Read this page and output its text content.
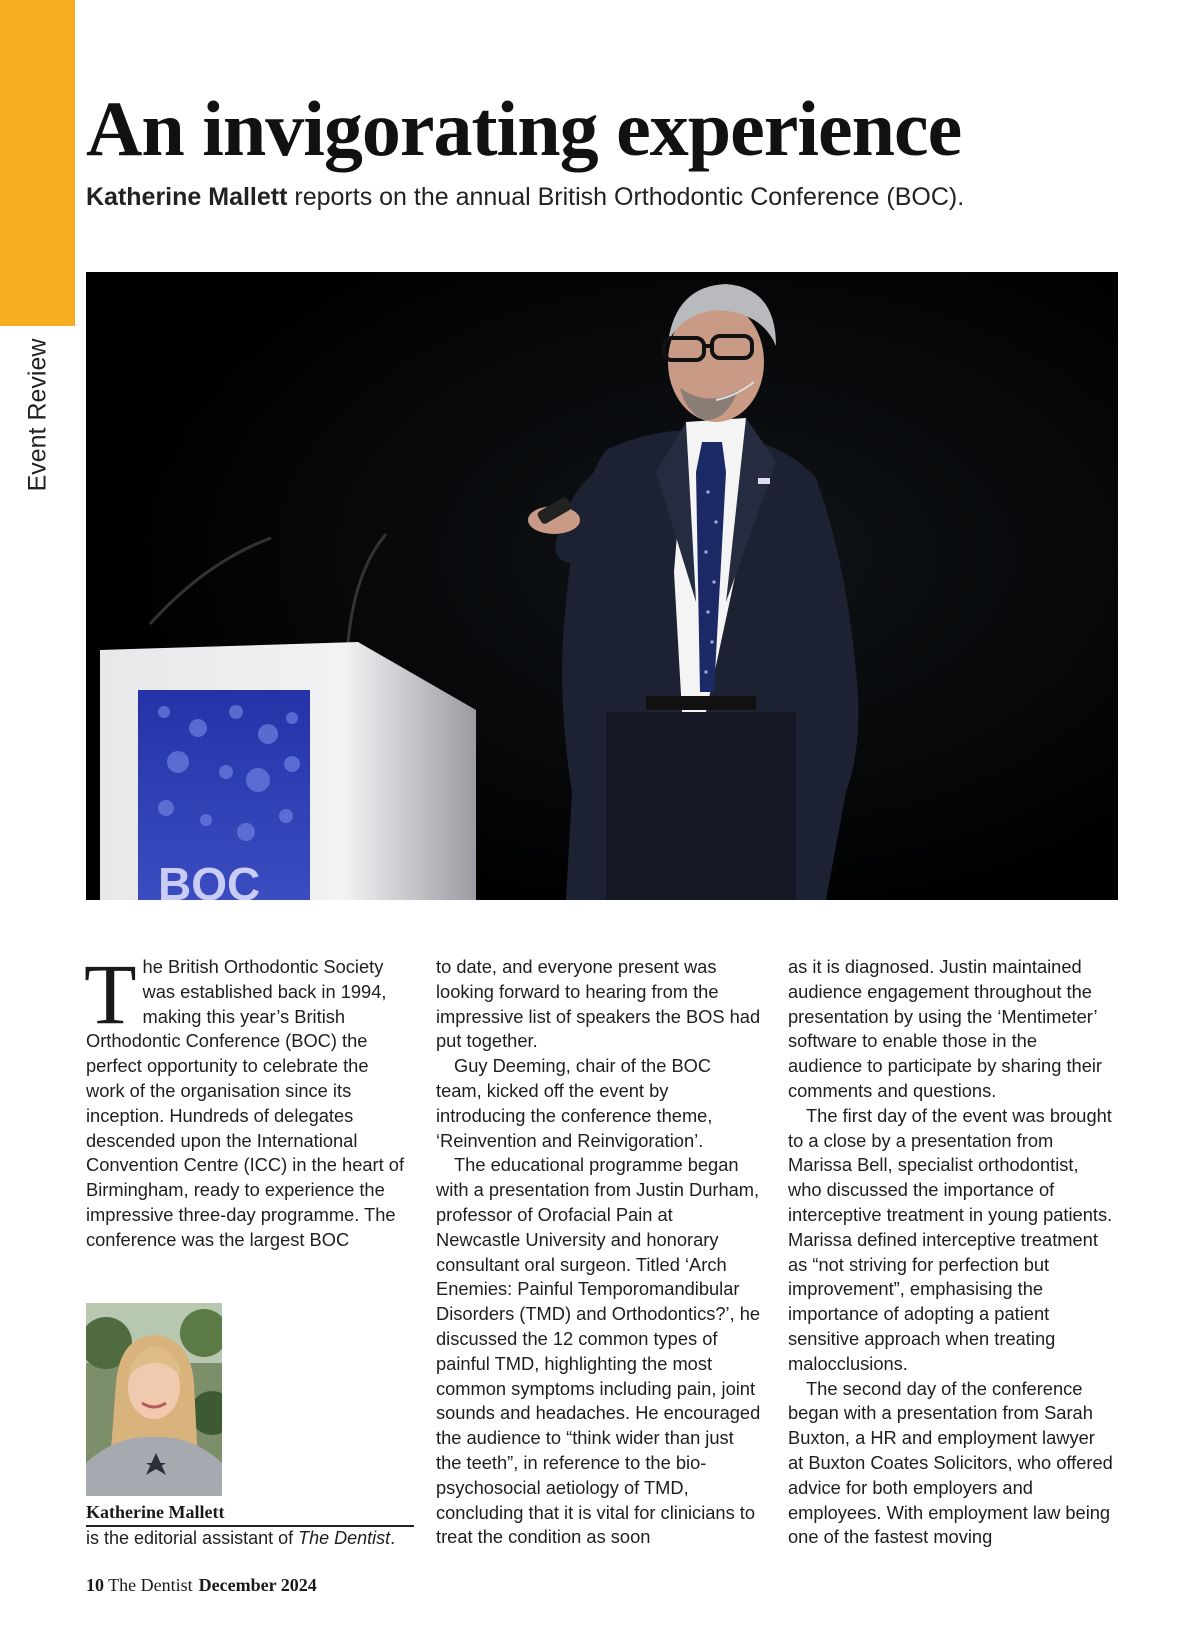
Event Review
An invigorating experience
Katherine Mallett reports on the annual British Orthodontic Conference (BOC).
BOC

The British Orthodontic Society was established back in 1994, making this year’s British Orthodontic Conference (BOC) the perfect opportunity to celebrate the work of the organisation since its inception. Hundreds of delegates descended upon the International Convention Centre (ICC) in the heart of Birmingham, ready to experience the impressive three-day programme. The conference was the largest BOC

to date, and everyone present was looking forward to hearing from the impressive list of speakers the BOS had put together.

Guy Deeming, chair of the BOC team, kicked off the event by introducing the conference theme, ‘Reinvention and Reinvigoration’.

The educational programme began with a presentation from Justin Durham, professor of Orofacial Pain at Newcastle University and honorary consultant oral surgeon. Titled ‘Arch Enemies: Painful Temporomandibular Disorders (TMD) and Orthodontics?’, he discussed the 12 common types of painful TMD, highlighting the most common symptoms including pain, joint sounds and headaches. He encouraged the audience to “think wider than just the teeth”, in reference to the bio-psychosocial aetiology of TMD, concluding that it is vital for clinicians to treat the condition as soon

as it is diagnosed. Justin maintained audience engagement throughout the presentation by using the ‘Mentimeter’ software to enable those in the audience to participate by sharing their comments and questions.

The first day of the event was brought to a close by a presentation from Marissa Bell, specialist orthodontist, who discussed the importance of interceptive treatment in young patients. Marissa defined interceptive treatment as “not striving for perfection but improvement”, emphasising the importance of adopting a patient sensitive approach when treating malocclusions.

The second day of the conference began with a presentation from Sarah Buxton, a HR and employment lawyer at Buxton Coates Solicitors, who offered advice for both employers and employees. With employment law being one of the fastest moving

Katherine Mallett
is the editorial assistant of The Dentist.
10 The Dentist December 2024
